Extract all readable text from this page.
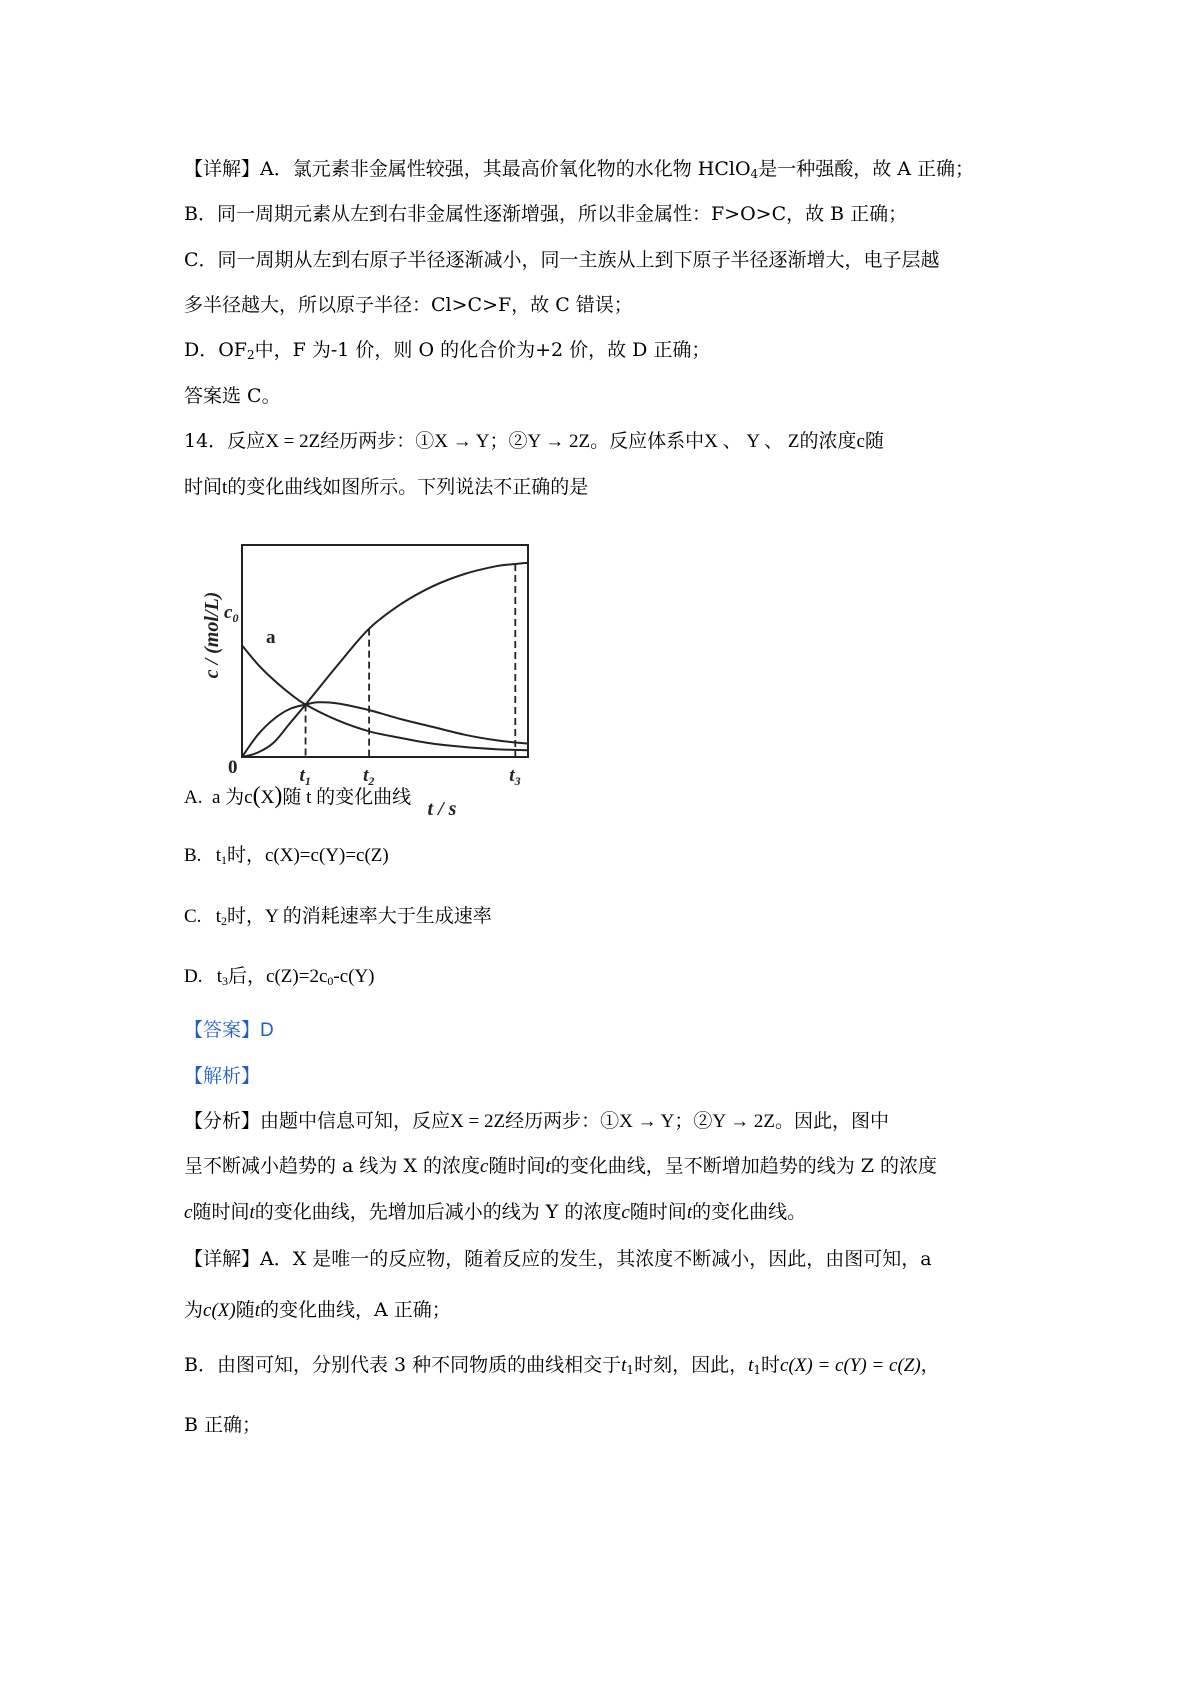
【详解】A．氯元素非金属性较强，其最高价氧化物的水化物 HClO$_4$是一种强酸，故 A 正确；
B．同一周期元素从左到右非金属性逐渐增强，所以非金属性：F>O>C，故 B 正确；
C．同一周期从左到右原子半径逐渐减小，同一主族从上到下原子半径逐渐增大，电子层越
多半径越大，所以原子半径：Cl>C>F，故 C 错误；
D．$OF_2$中，F 为-1 价，则 O 的化合价为+2 价，故 D 正确；
答案选 C。
14．反应X = 2Z经历两步：①X → Y；②Y → 2Z。反应体系中X 、 Y 、 Z的浓度c随
时间t的变化曲线如图所示。下列说法不正确的是
c / (mol/L) $c_0$
a
0	$t_1$	$t_2$	$t_3$
t / s
A. a 为c(X)随 t 的变化曲线
B. $t_1$时，c(X)=c(Y)=c(Z)
C. $t_2$时，Y 的消耗速率大于生成速率
D. $t_3$后，$c(Z)=2c_0-c(Y)$
【答案】D
【解析】
【分析】由题中信息可知，反应X = 2Z经历两步：①X → Y；②Y → 2Z。因此，图中
呈不断减小趋势的 a 线为 X 的浓度c随时间t的变化曲线，呈不断增加趋势的线为 Z 的浓度
c随时间t的变化曲线，先增加后减小的线为 Y 的浓度c随时间t的变化曲线。
【详解】A．X 是唯一的反应物，随着反应的发生，其浓度不断减小，因此，由图可知，a
为c(X)随t的变化曲线，A 正确；
B．由图可知，分别代表 3 种不同物质的曲线相交于$t_1$时刻，因此，$t_1$时c(X) = c(Y) = c(Z)，
B 正确；
